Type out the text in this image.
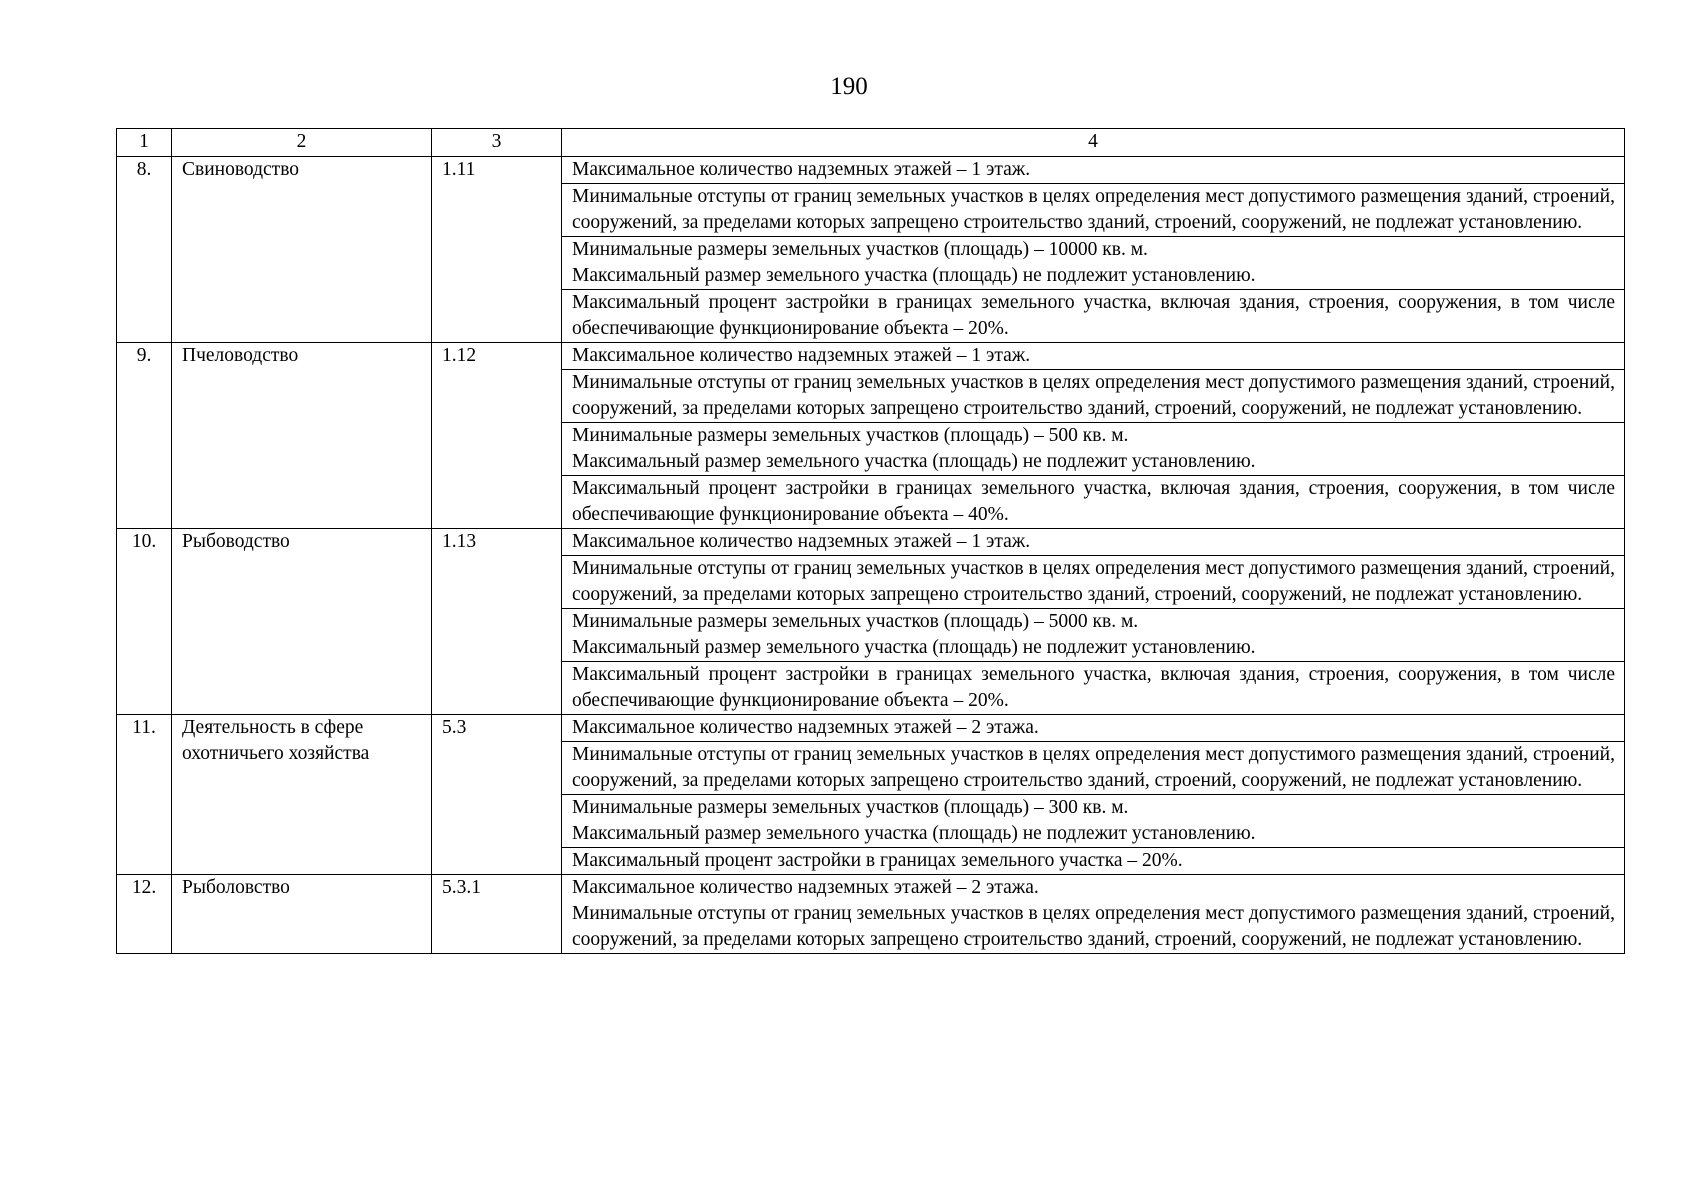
190
1	2	3	4
8.	Свиноводство	1.11	Максимальное количество надземных этажей – 1 этаж.

			Минимальные отступы от границ земельных участков в целях определения мест допустимого размещения зданий, строений, сооружений, за пределами которых запрещено строительство зданий, строений, сооружений, не подлежат установлению.

			Минимальные размеры земельных участков (площадь) – 10000 кв. м.
Максимальный размер земельного участка (площадь) не подлежит установлению.

			Максимальный процент застройки в границах земельного участка, включая здания, строения, сооружения, в том числе обеспечивающие функционирование объекта – 20%.

9.	Пчеловодство	1.12	Максимальное количество надземных этажей – 1 этаж.

			Минимальные отступы от границ земельных участков в целях определения мест допустимого размещения зданий, строений, сооружений, за пределами которых запрещено строительство зданий, строений, сооружений, не подлежат установлению.

			Минимальные размеры земельных участков (площадь) – 500 кв. м.
Максимальный размер земельного участка (площадь) не подлежит установлению.

			Максимальный процент застройки в границах земельного участка, включая здания, строения, сооружения, в том числе обеспечивающие функционирование объекта – 40%.

10.	Рыбоводство	1.13	Максимальное количество надземных этажей – 1 этаж.

			Минимальные отступы от границ земельных участков в целях определения мест допустимого размещения зданий, строений, сооружений, за пределами которых запрещено строительство зданий, строений, сооружений, не подлежат установлению.

			Минимальные размеры земельных участков (площадь) – 5000 кв. м.
Максимальный размер земельного участка (площадь) не подлежит установлению.

			Максимальный процент застройки в границах земельного участка, включая здания, строения, сооружения, в том числе обеспечивающие функционирование объекта – 20%.

11.	Деятельность в сфере охотничьего хозяйства	5.3	Максимальное количество надземных этажей – 2 этажа.

			Минимальные отступы от границ земельных участков в целях определения мест допустимого размещения зданий, строений, сооружений, за пределами которых запрещено строительство зданий, строений, сооружений, не подлежат установлению.

			Минимальные размеры земельных участков (площадь) – 300 кв. м.
Максимальный размер земельного участка (площадь) не подлежит установлению.

			Максимальный процент застройки в границах земельного участка – 20%.

12.	Рыболовство	5.3.1	Максимальное количество надземных этажей – 2 этажа.
Минимальные отступы от границ земельных участков в целях определения мест допустимого размещения зданий, строений, сооружений, за пределами которых запрещено строительство зданий, строений, сооружений, не подлежат установлению.
